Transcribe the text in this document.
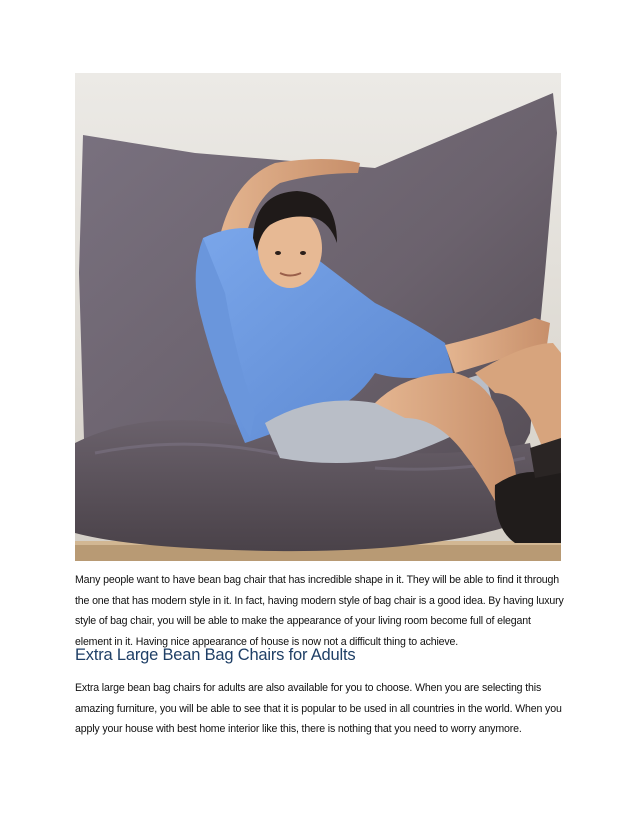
Many people want to have bean bag chair that has incredible shape in it. They will be able to find it through the one that has modern style in it. In fact, having modern style of bag chair is a good idea. By having luxury style of bag chair, you will be able to make the appearance of your living room become full of elegant element in it. Having nice appearance of house is now not a difficult thing to achieve.

Extra Large Bean Bag Chairs for Adults

Extra large bean bag chairs for adults are also available for you to choose. When you are selecting this amazing furniture, you will be able to see that it is popular to be used in all countries in the world. When you apply your house with best home interior like this, there is nothing that you need to worry anymore.
